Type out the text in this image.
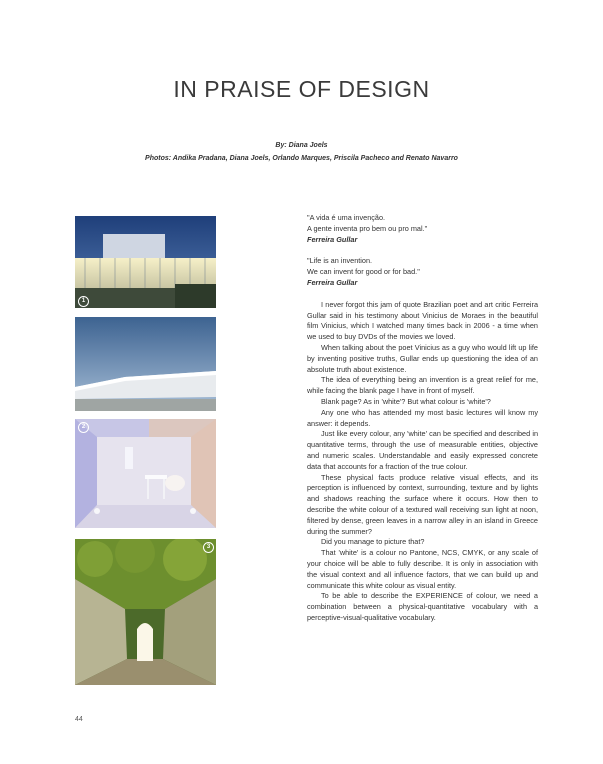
IN PRAISE OF DESIGN
By: Diana Joels
Photos: Andika Pradana, Diana Joels, Orlando Marques, Priscila Pacheco and Renato Navarro
1
2
3
"A vida é uma invenção.
A gente inventa pro bem ou pro mal."
Ferreira Gullar
"Life is an invention.
We can invent for good or for bad."
Ferreira Gullar

I never forgot this jam of quote Brazilian poet and art critic Ferreira Gullar said in his testimony about Vinicius de Moraes in the beautiful film Vinicius, which I watched many times back in 2006 - a time when we used to buy DVDs of the movies we loved.

When talking about the poet Vinicius as a guy who would lift up life by inventing positive truths, Gullar ends up questioning the idea of an absolute truth about existence.

The idea of everything being an invention is a great relief for me, while facing the blank page I have in front of myself.

Blank page? As in 'white'? But what colour is 'white'?

Any one who has attended my most basic lectures will know my answer: it depends.

Just like every colour, any 'white' can be specified and described in quantitative terms, through the use of measurable entities, objective and numeric scales. Understandable and easily expressed concrete data that accounts for a fraction of the true colour.

These physical facts produce relative visual effects, and its perception is influenced by context, surrounding, texture and by lights and shadows reaching the surface where it occurs. How then to describe the white colour of a textured wall receiving sun light at noon, filtered by dense, green leaves in a narrow alley in an island in Greece during the summer?

Did you manage to picture that?

That 'white' is a colour no Pantone, NCS, CMYK, or any scale of your choice will be able to fully describe. It is only in association with the visual context and all influence factors, that we can build up and communicate this white colour as visual entity.

To be able to describe the EXPERIENCE of colour, we need a combination between a physical-quantitative vocabulary with a perceptive-visual-qualitative vocabulary.

44
